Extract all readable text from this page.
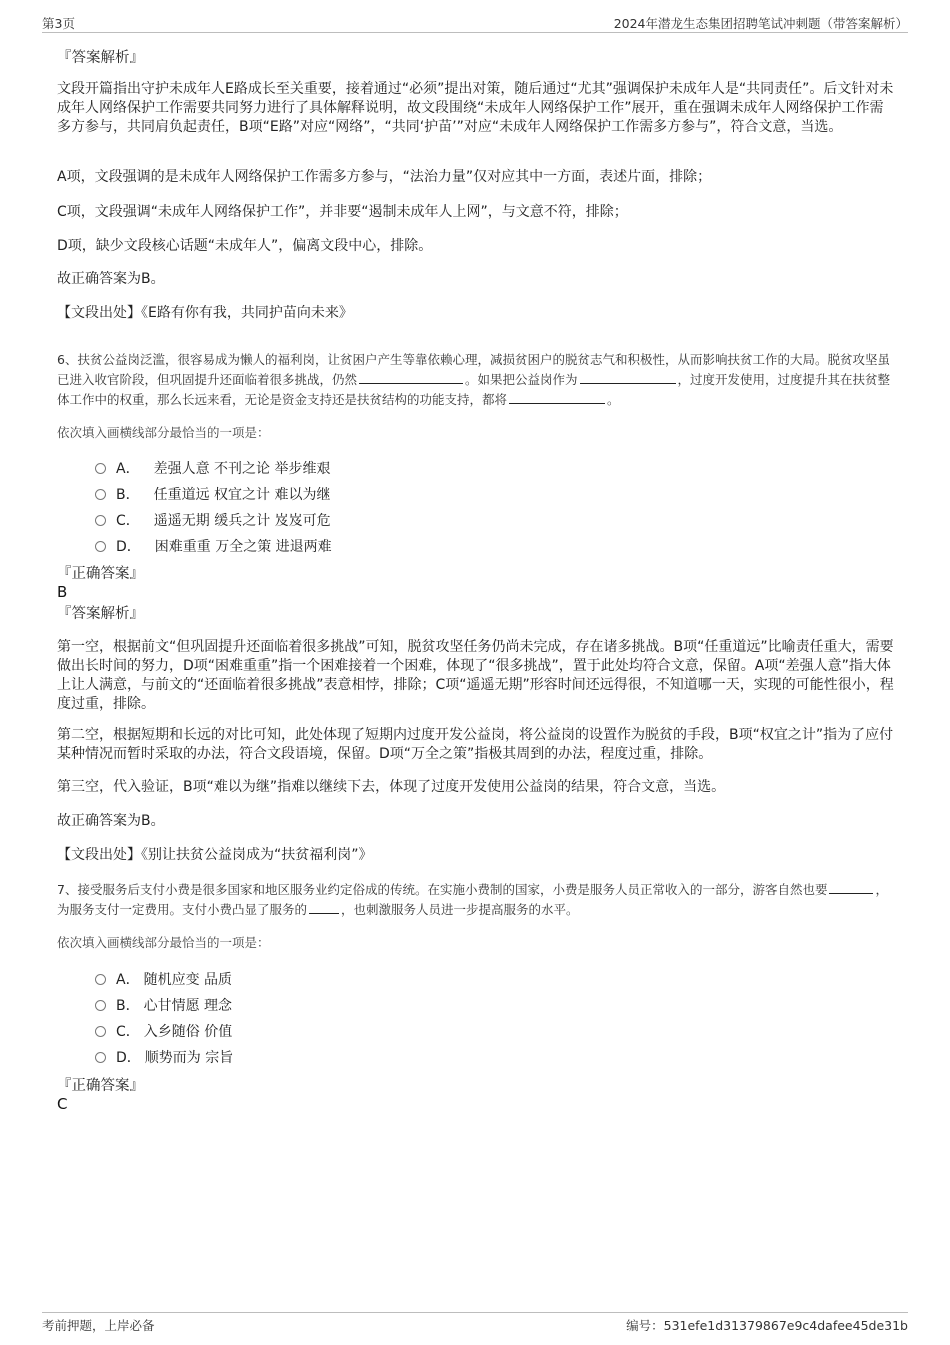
第3页	2024年潜龙生态集团招聘笔试冲刺题（带答案解析）
『答案解析』
文段开篇指出守护未成年人E路成长至关重要，接着通过“必须”提出对策，随后通过“尤其”强调保护未成年人是“共同责任”。后文针对未成年人网络保护工作需要共同努力进行了具体解释说明，故文段围绕“未成年人网络保护工作”展开，重在强调未成年人网络保护工作需多方参与，共同肩负起责任，B项“E路”对应“网络”，“共同‘护苗’”对应“未成年人网络保护工作需多方参与”，符合文意，当选。
A项，文段强调的是未成年人网络保护工作需多方参与，“法治力量”仅对应其中一方面，表述片面，排除；
C项，文段强调“未成年人网络保护工作”，并非要“遏制未成年人上网”，与文意不符，排除；
D项，缺少文段核心话题“未成年人”，偏离文段中心，排除。
故正确答案为B。
【文段出处】《E路有你有我，共同护苗向未来》
6、扶贫公益岗泛滥，很容易成为懒人的福利岗，让贫困户产生等靠依赖心理，减损贫困户的脱贫志气和积极性，从而影响扶贫工作的大局。脱贫攻坚虽已进入收官阶段，但巩固提升还面临着很多挑战，仍然	。如果把公益岗作为	，过度开发使用，过度提升其在扶贫整体工作中的权重，那么长远来看，无论是资金支持还是扶贫结构的功能支持，都将	。
依次填入画横线部分最恰当的一项是：
A． 差强人意 不刊之论 举步维艰
B． 任重道远 权宜之计 难以为继
C． 遥遥无期 缓兵之计 岌岌可危
D． 困难重重 万全之策 进退两难
『正确答案』
B
『答案解析』
第一空，根据前文“但巩固提升还面临着很多挑战”可知，脱贫攻坚任务仍尚未完成，存在诸多挑战。B项“任重道远”比喻责任重大，需要做出长时间的努力，D项“困难重重”指一个困难接着一个困难，体现了“很多挑战”，置于此处均符合文意，保留。A项“差强人意”指大体上让人满意，与前文的“还面临着很多挑战”表意相悖，排除；C项“遥遥无期”形容时间还远得很，不知道哪一天，实现的可能性很小，程度过重，排除。
第二空，根据短期和长远的对比可知，此处体现了短期内过度开发公益岗，将公益岗的设置作为脱贫的手段，B项“权宜之计”指为了应付某种情况而暂时采取的办法，符合文段语境，保留。D项“万全之策”指极其周到的办法，程度过重，排除。
第三空，代入验证，B项“难以为继”指难以继续下去，体现了过度开发使用公益岗的结果，符合文意，当选。
故正确答案为B。
【文段出处】《别让扶贫公益岗成为“扶贫福利岗”》
7、接受服务后支付小费是很多国家和地区服务业约定俗成的传统。在实施小费制的国家，小费是服务人员正常收入的一部分，游客自然也要	，为服务支付一定费用。支付小费凸显了服务的	，也刺激服务人员进一步提高服务的水平。
依次填入画横线部分最恰当的一项是：
A． 随机应变 品质
B． 心甘情愿 理念
C． 入乡随俗 价值
D． 顺势而为 宗旨
『正确答案』
C
考前押题，上岸必备	编号：531efe1d31379867e9c4dafee45de31b
